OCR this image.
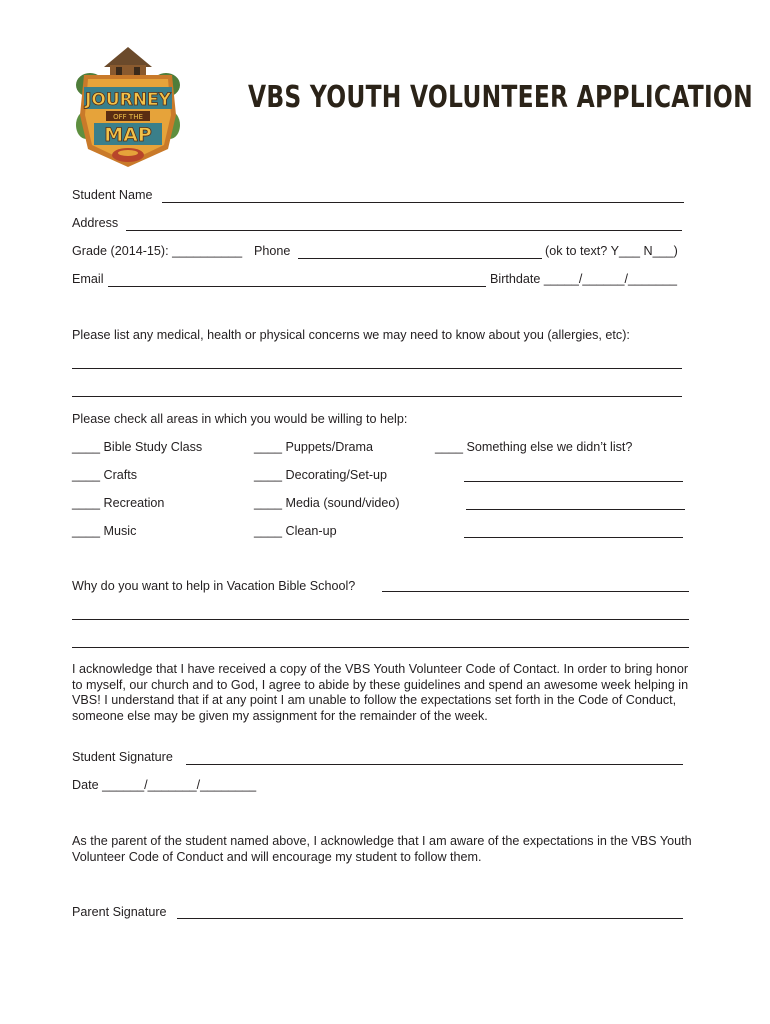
JOURNEY
OFF THE
MAP
VBS YOUTH VOLUNTEER APPLICATION
Student Name
Address
Grade (2014-15): __________ Phone	(ok to text? Y___ N___)
Email	Birthdate _____/______/_______
Please list any medical, health or physical concerns we may need to know about you (allergies, etc):
Please check all areas in which you would be willing to help:
____ Bible Study Class
____ Crafts
____ Recreation
____ Music
____ Puppets/Drama
____ Decorating/Set-up
____ Media (sound/video)
____ Clean-up
____ Something else we didn’t list?
Why do you want to help in Vacation Bible School?
I acknowledge that I have received a copy of the VBS Youth Volunteer Code of Contact. In order to bring honor to myself, our church and to God, I agree to abide by these guidelines and spend an awesome week helping in VBS! I understand that if at any point I am unable to follow the expectations set forth in the Code of Conduct, someone else may be given my assignment for the remainder of the week.
Student Signature
Date ______/_______/________
As the parent of the student named above, I acknowledge that I am aware of the expectations in the VBS Youth Volunteer Code of Conduct and will encourage my student to follow them.
Parent Signature
